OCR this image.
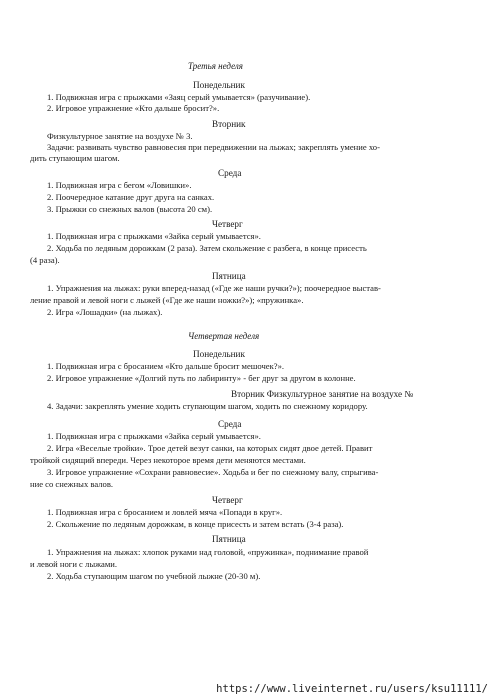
Третья неделя
Понедельник
1. Подвижная игра с прыжками «Заяц серый умывается» (разучивание).
2. Игровое упражнение «Кто дальше бросит?».
Вторник
Физкультурное занятие на воздухе № 3.
Задачи: развивать чувство равновесия при передвижении на лыжах; закреплять умение хо-
дить ступающим шагом.
Среда
1. Подвижная игра с бегом «Ловишки».
2. Поочередное катание друг друга на санках.
3. Прыжки со снежных валов (высота 20 см).
Четверг
1. Подвижная игра с прыжками «Зайка серый умывается».
2. Ходьба по ледяным дорожкам (2 раза). Затем скольжение с разбега, в конце присесть
(4 раза).
Пятница
1. Упражнения на лыжах: руки вперед-назад («Где же наши ручки?»); поочередное выстав-
ление правой и левой ноги с лыжей («Где же наши ножки?»); «пружинка».
2. Игра «Лошадки» (на лыжах).
Четвертая неделя
Понедельник
1. Подвижная игра с бросанием «Кто дальше бросит мешочек?».
2. Игровое упражнение «Долгий путь по лабиринту» - бег друг за другом в колонне.
Вторник Физкультурное занятие на воздухе №
4. Задачи: закреплять умение ходить ступающим шагом, ходить по снежному коридору.
Среда
1. Подвижная игра с прыжками «Зайка серый умывается».
2. Игра «Веселые тройки». Трое детей везут санки, на которых сидят двое детей. Правит
тройкой сидящий впереди. Через некоторое время дети меняются местами.
3. Игровое упражнение «Сохрани равновесие». Ходьба и бег по снежному валу, спрыгива-
ние со снежных валов.
Четверг
1. Подвижная игра с бросанием и ловлей мяча «Попади в круг».
2. Скольжение по ледяным дорожкам, в конце присесть и затем встать (3-4 раза).
Пятница
1. Упражнения на лыжах: хлопок руками над головой, «пружинка», поднимание правой
и левой ноги с лыжами.
2. Ходьба ступающим шагом по учебной лыжне (20-30 м).
https://www.liveinternet.ru/users/ksu11111/
